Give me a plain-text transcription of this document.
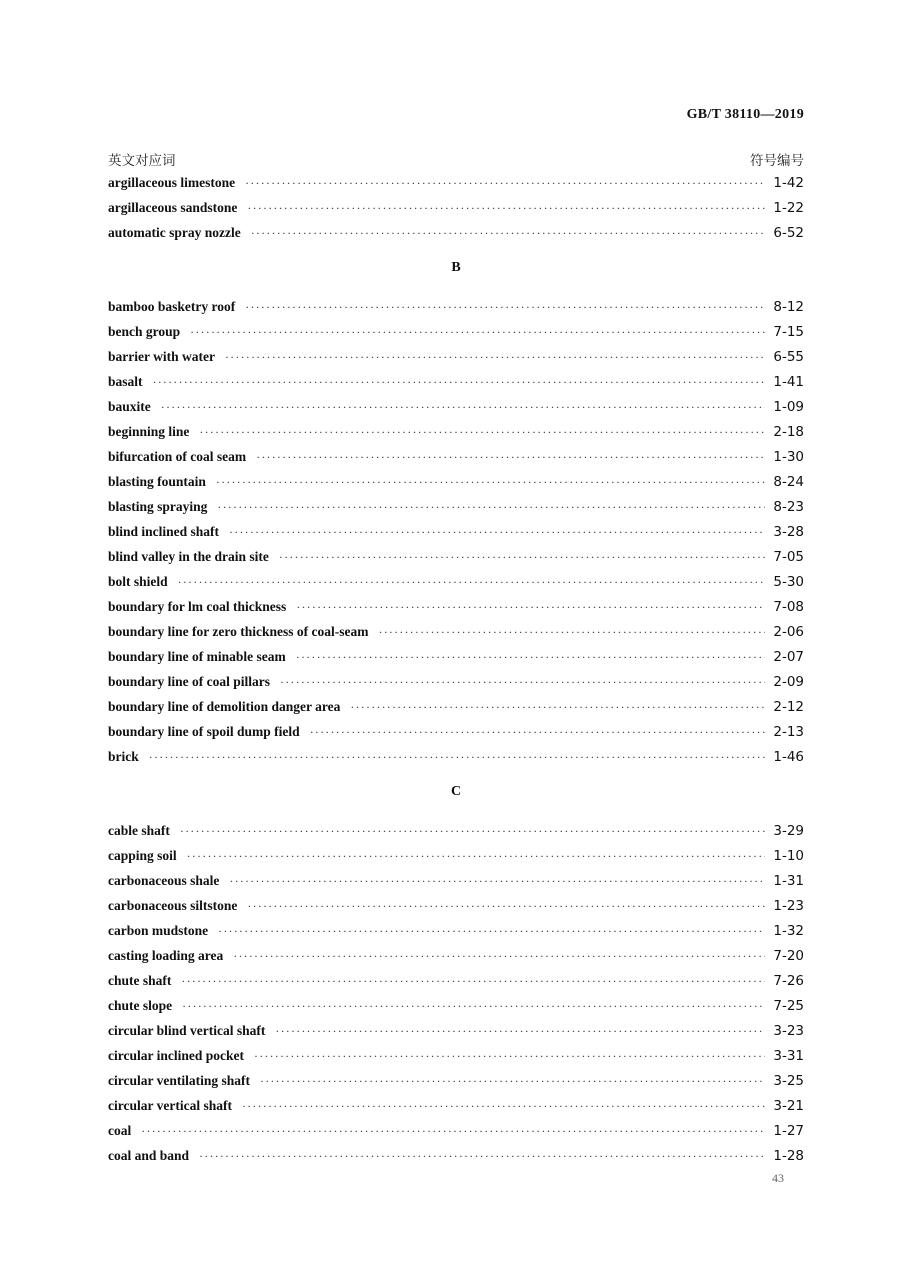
GB/T 38110—2019
英文对应词	符号编号
argillaceous limestone ·····	1-42
argillaceous sandstone ·····	1-22
automatic spray nozzle ·····	6-52
B
bamboo basketry roof ·····	8-12
bench group ·····	7-15
barrier with water ·····	6-55
basalt ·····	1-41
bauxite ·····	1-09
beginning line ·····	2-18
bifurcation of coal seam ·····	1-30
blasting fountain ·····	8-24
blasting spraying ·····	8-23
blind inclined shaft ·····	3-28
blind valley in the drain site ·····	7-05
bolt shield ·····	5-30
boundary for lm coal thickness ·····	7-08
boundary line for zero thickness of coal-seam ·····	2-06
boundary line of minable seam ·····	2-07
boundary line of coal pillars ·····	2-09
boundary line of demolition danger area ·····	2-12
boundary line of spoil dump field ·····	2-13
brick ·····	1-46
C
cable shaft ·····	3-29
capping soil ·····	1-10
carbonaceous shale ·····	1-31
carbonaceous siltstone ·····	1-23
carbon mudstone ·····	1-32
casting loading area ·····	7-20
chute shaft ·····	7-26
chute slope ·····	7-25
circular blind vertical shaft ·····	3-23
circular inclined pocket ·····	3-31
circular ventilating shaft ·····	3-25
circular vertical shaft ·····	3-21
coal ·····	1-27
coal and band ·····	1-28
43
